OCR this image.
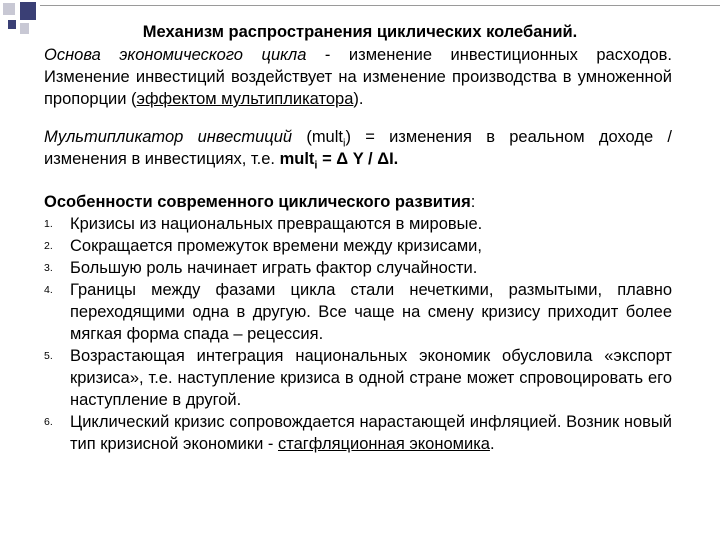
Механизм распространения циклических колебаний.

Основа экономического цикла - изменение инвестиционных расходов. Изменение инвестиций воздействует на изменение производства в умноженной пропорции (эффектом мультипликатора).

Мультипликатор инвестиций (mult$_i$) = изменения в реальном доходе / изменения в инвестициях, т.е. mult$_i$ = Δ Y / ΔI.

Особенности современного циклического развития:

1. Кризисы из национальных превращаются в мировые.
2. Сокращается промежуток времени между кризисами,
3. Большую роль начинает играть фактор случайности.
4. Границы между фазами цикла стали нечеткими, размытыми, плавно переходящими одна в другую. Все чаще на смену кризису приходит более мягкая форма спада – рецессия.
5. Возрастающая интеграция национальных экономик обусловила «экспорт кризиса», т.е. наступление кризиса в одной стране может спровоцировать его наступление в другой.
6. Циклический кризис сопровождается нарастающей инфляцией. Возник новый тип кризисной экономики - стагфляционная экономика.
